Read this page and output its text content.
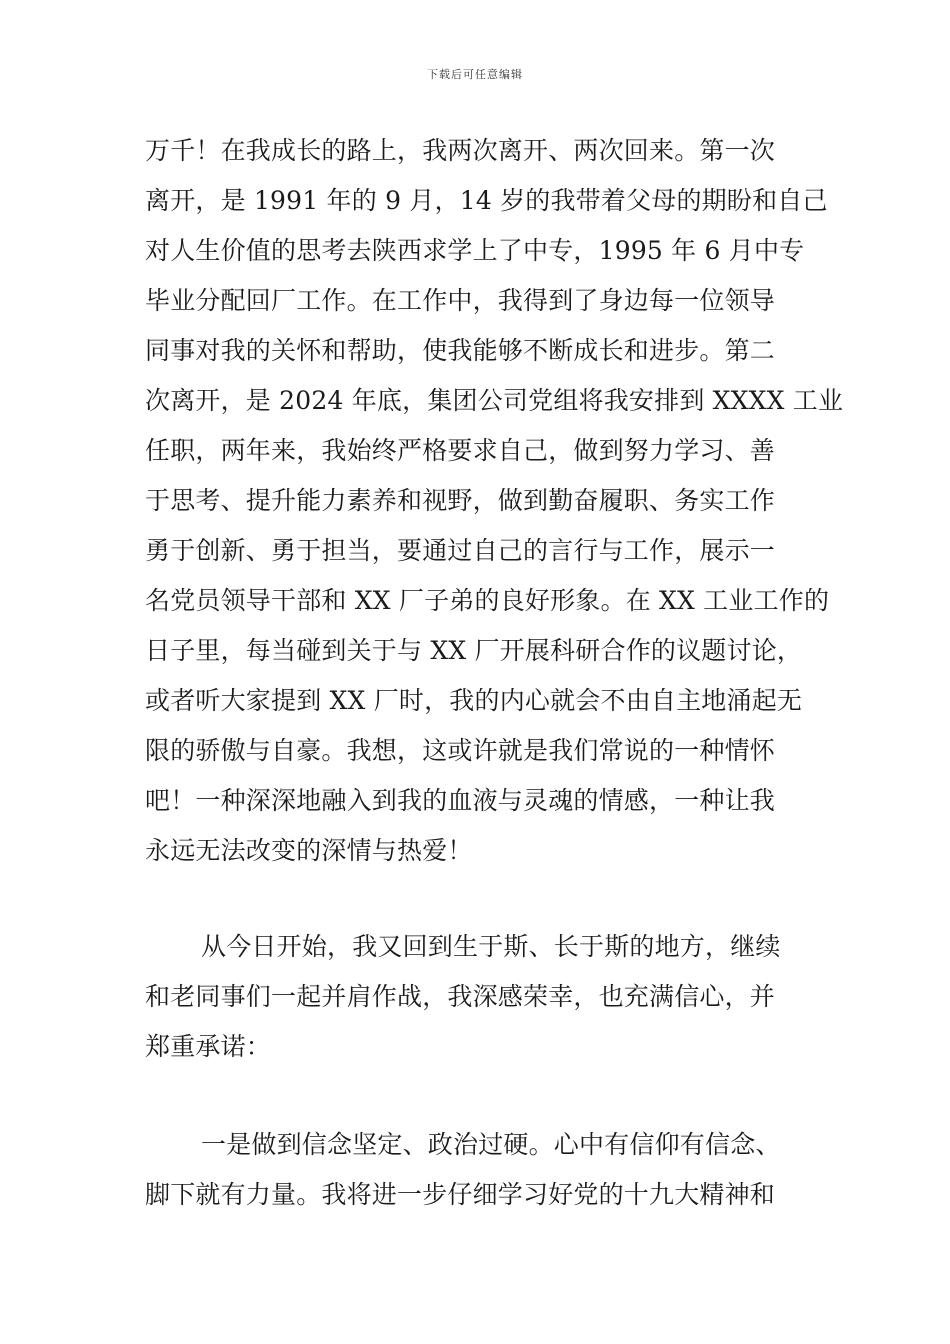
下载后可任意编辑
万千！在我成长的路上，我两次离开、两次回来。第一次
离开，是 1991 年的 9 月，14 岁的我带着父母的期盼和自己
对人生价值的思考去陕西求学上了中专，1995 年 6 月中专
毕业分配回厂工作。在工作中，我得到了身边每一位领导
同事对我的关怀和帮助，使我能够不断成长和进步。第二
次离开，是 2024 年底，集团公司党组将我安排到 XXXX 工业
任职，两年来，我始终严格要求自己，做到努力学习、善
于思考、提升能力素养和视野，做到勤奋履职、务实工作
勇于创新、勇于担当，要通过自己的言行与工作，展示一
名党员领导干部和 XX 厂子弟的良好形象。在 XX 工业工作的
日子里，每当碰到关于与 XX 厂开展科研合作的议题讨论，
或者听大家提到 XX 厂时，我的内心就会不由自主地涌起无
限的骄傲与自豪。我想，这或许就是我们常说的一种情怀
吧！一种深深地融入到我的血液与灵魂的情感，一种让我
永远无法改变的深情与热爱！
从今日开始，我又回到生于斯、长于斯的地方，继续
和老同事们一起并肩作战，我深感荣幸，也充满信心，并
郑重承诺：
一是做到信念坚定、政治过硬。心中有信仰有信念、
脚下就有力量。我将进一步仔细学习好党的十九大精神和
